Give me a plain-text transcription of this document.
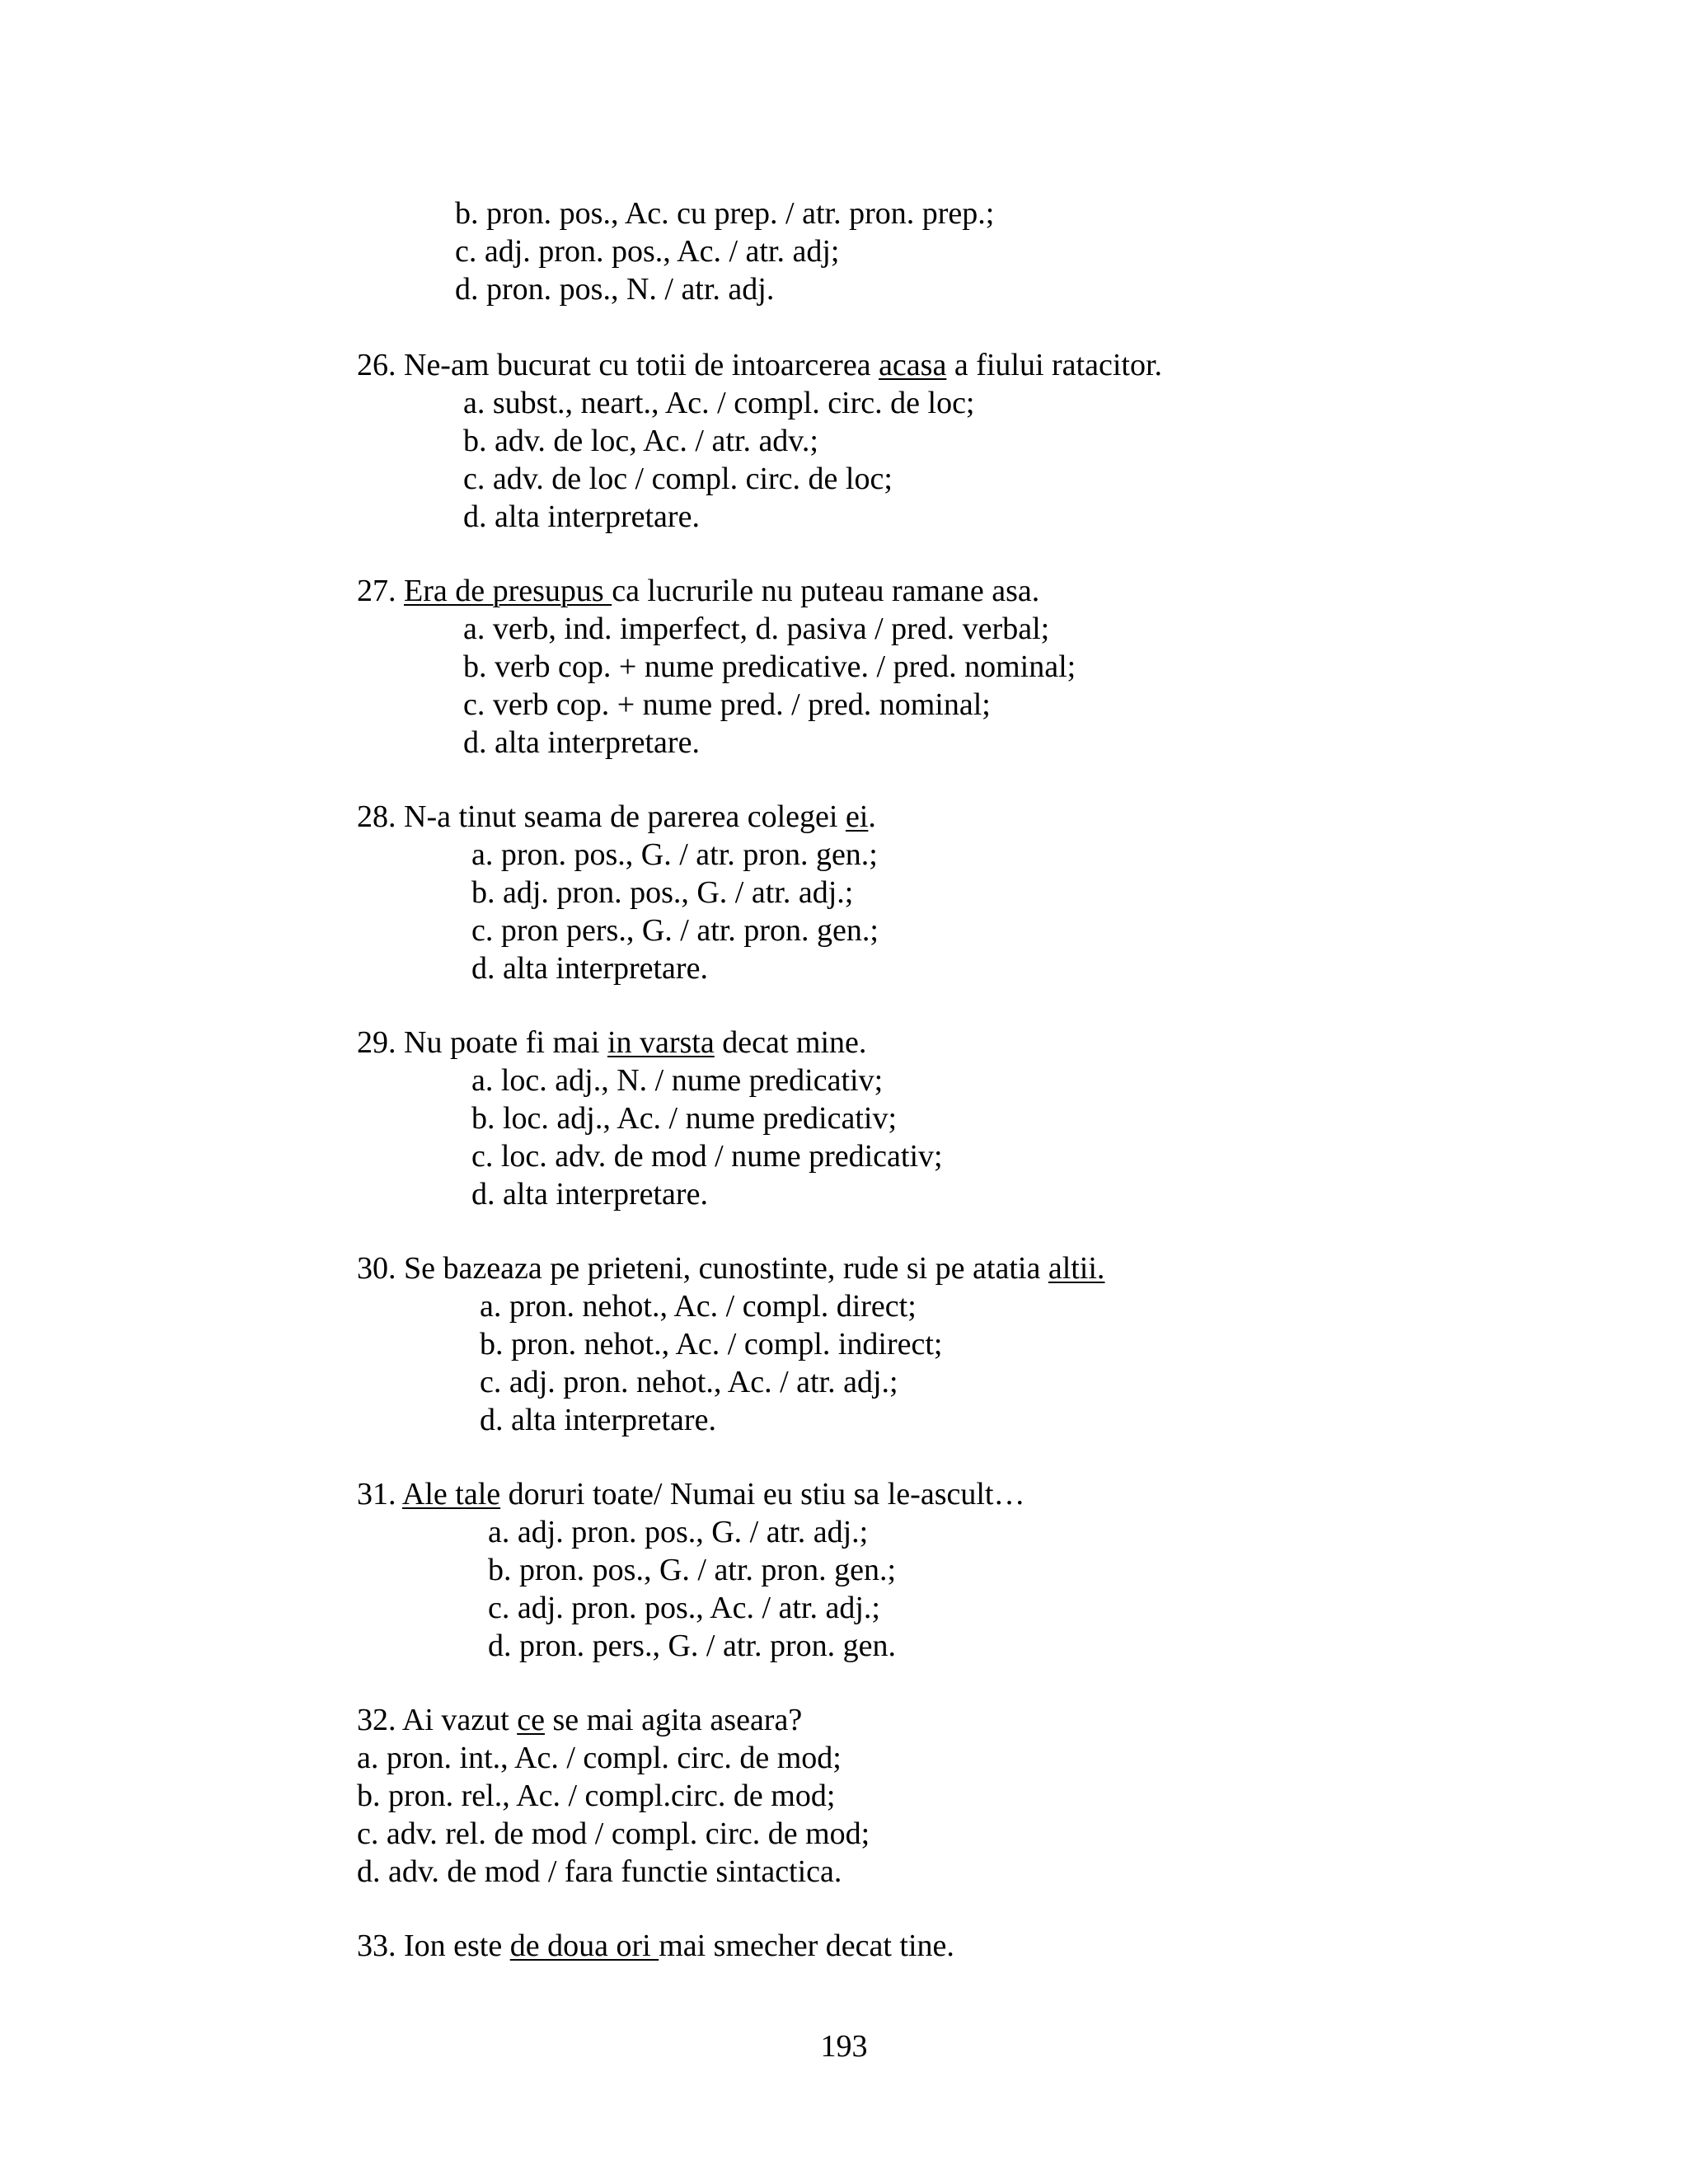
b. pron. pos., Ac. cu prep. / atr. pron. prep.;
c. adj. pron. pos., Ac. / atr. adj;
d. pron. pos., N. / atr. adj.
26. Ne-am bucurat cu totii de intoarcerea acasa a fiului ratacitor.
a. subst., neart., Ac. / compl. circ. de loc;
b. adv. de loc, Ac. / atr. adv.;
c. adv. de loc / compl. circ. de loc;
d. alta interpretare.
27. Era de presupus ca lucrurile nu puteau ramane asa.
a. verb, ind. imperfect, d. pasiva / pred. verbal;
b. verb cop. + nume predicative. / pred. nominal;
c. verb cop. + nume pred. / pred. nominal;
d. alta interpretare.
28. N-a tinut seama de parerea colegei ei.
a. pron. pos., G. / atr. pron. gen.;
b. adj. pron. pos., G. / atr. adj.;
c. pron pers., G. / atr. pron. gen.;
d. alta interpretare.
29. Nu poate fi mai in varsta decat mine.
a. loc. adj., N. / nume predicativ;
b. loc. adj., Ac. / nume predicativ;
c. loc. adv. de mod / nume predicativ;
d. alta interpretare.
30. Se bazeaza pe prieteni, cunostinte, rude si pe atatia altii.
a. pron. nehot., Ac. / compl. direct;
b. pron. nehot., Ac. / compl. indirect;
c. adj. pron. nehot., Ac. / atr. adj.;
d. alta interpretare.
31. Ale tale doruri toate/ Numai eu stiu sa le-ascult…
a. adj. pron. pos., G. / atr. adj.;
b. pron. pos., G. / atr. pron. gen.;
c. adj. pron. pos., Ac. / atr. adj.;
d. pron. pers., G. / atr. pron. gen.
32. Ai vazut ce se mai agita aseara?
a. pron. int., Ac. / compl. circ. de mod;
b. pron. rel., Ac. / compl.circ. de mod;
c. adv. rel. de mod / compl. circ. de mod;
d. adv. de mod / fara functie sintactica.
33. Ion este de doua ori mai smecher decat tine.
193
